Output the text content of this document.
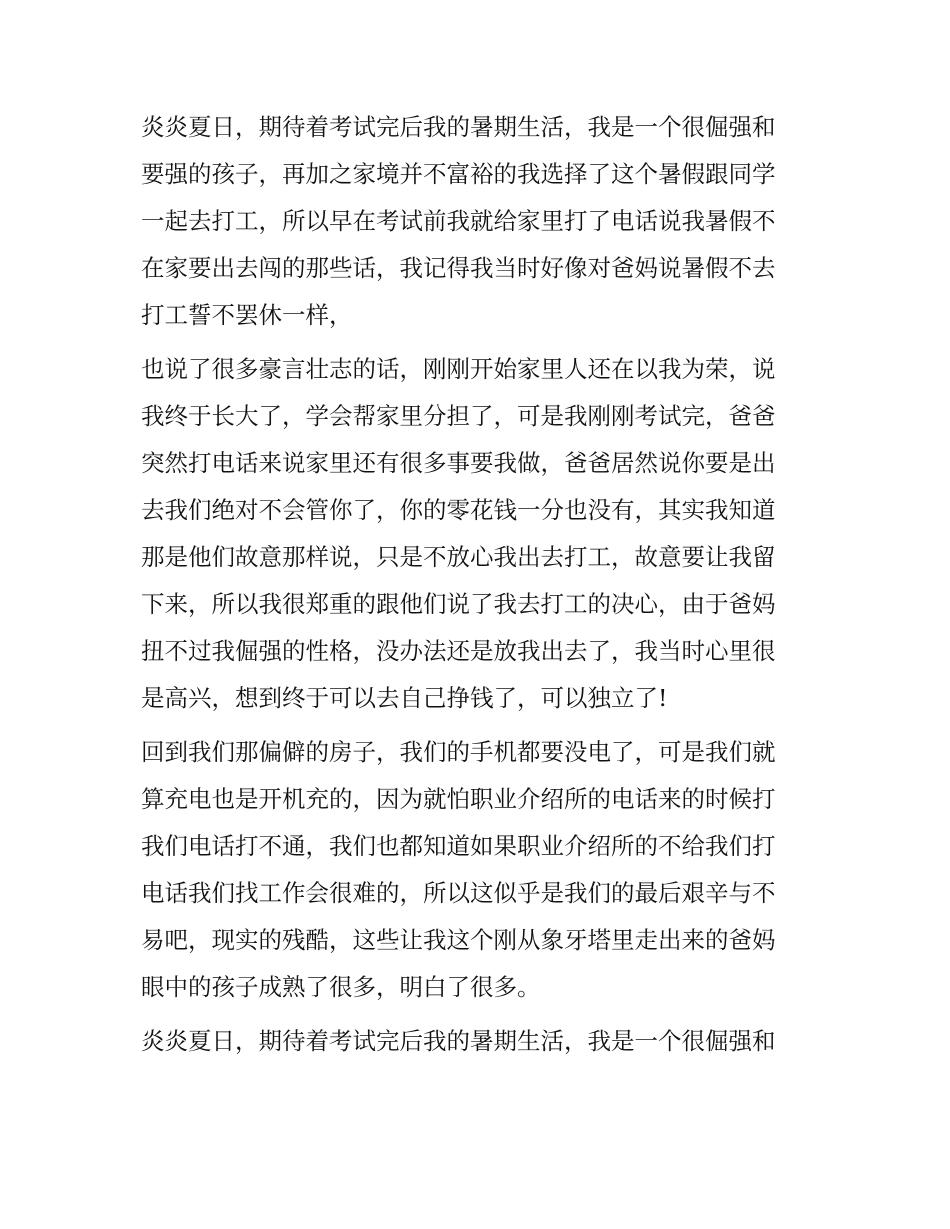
炎炎夏日，期待着考试完后我的暑期生活，我是一个很倔强和
要强的孩子，再加之家境并不富裕的我选择了这个暑假跟同学
一起去打工，所以早在考试前我就给家里打了电话说我暑假不
在家要出去闯的那些话，我记得我当时好像对爸妈说暑假不去
打工誓不罢休一样，
也说了很多豪言壮志的话，刚刚开始家里人还在以我为荣，说
我终于长大了，学会帮家里分担了，可是我刚刚考试完，爸爸
突然打电话来说家里还有很多事要我做，爸爸居然说你要是出
去我们绝对不会管你了，你的零花钱一分也没有，其实我知道
那是他们故意那样说，只是不放心我出去打工，故意要让我留
下来，所以我很郑重的跟他们说了我去打工的决心，由于爸妈
扭不过我倔强的性格，没办法还是放我出去了，我当时心里很
是高兴，想到终于可以去自己挣钱了，可以独立了!
回到我们那偏僻的房子，我们的手机都要没电了，可是我们就
算充电也是开机充的，因为就怕职业介绍所的电话来的时候打
我们电话打不通，我们也都知道如果职业介绍所的不给我们打
电话我们找工作会很难的，所以这似乎是我们的最后艰辛与不
易吧，现实的残酷，这些让我这个刚从象牙塔里走出来的爸妈
眼中的孩子成熟了很多，明白了很多。
炎炎夏日，期待着考试完后我的暑期生活，我是一个很倔强和
